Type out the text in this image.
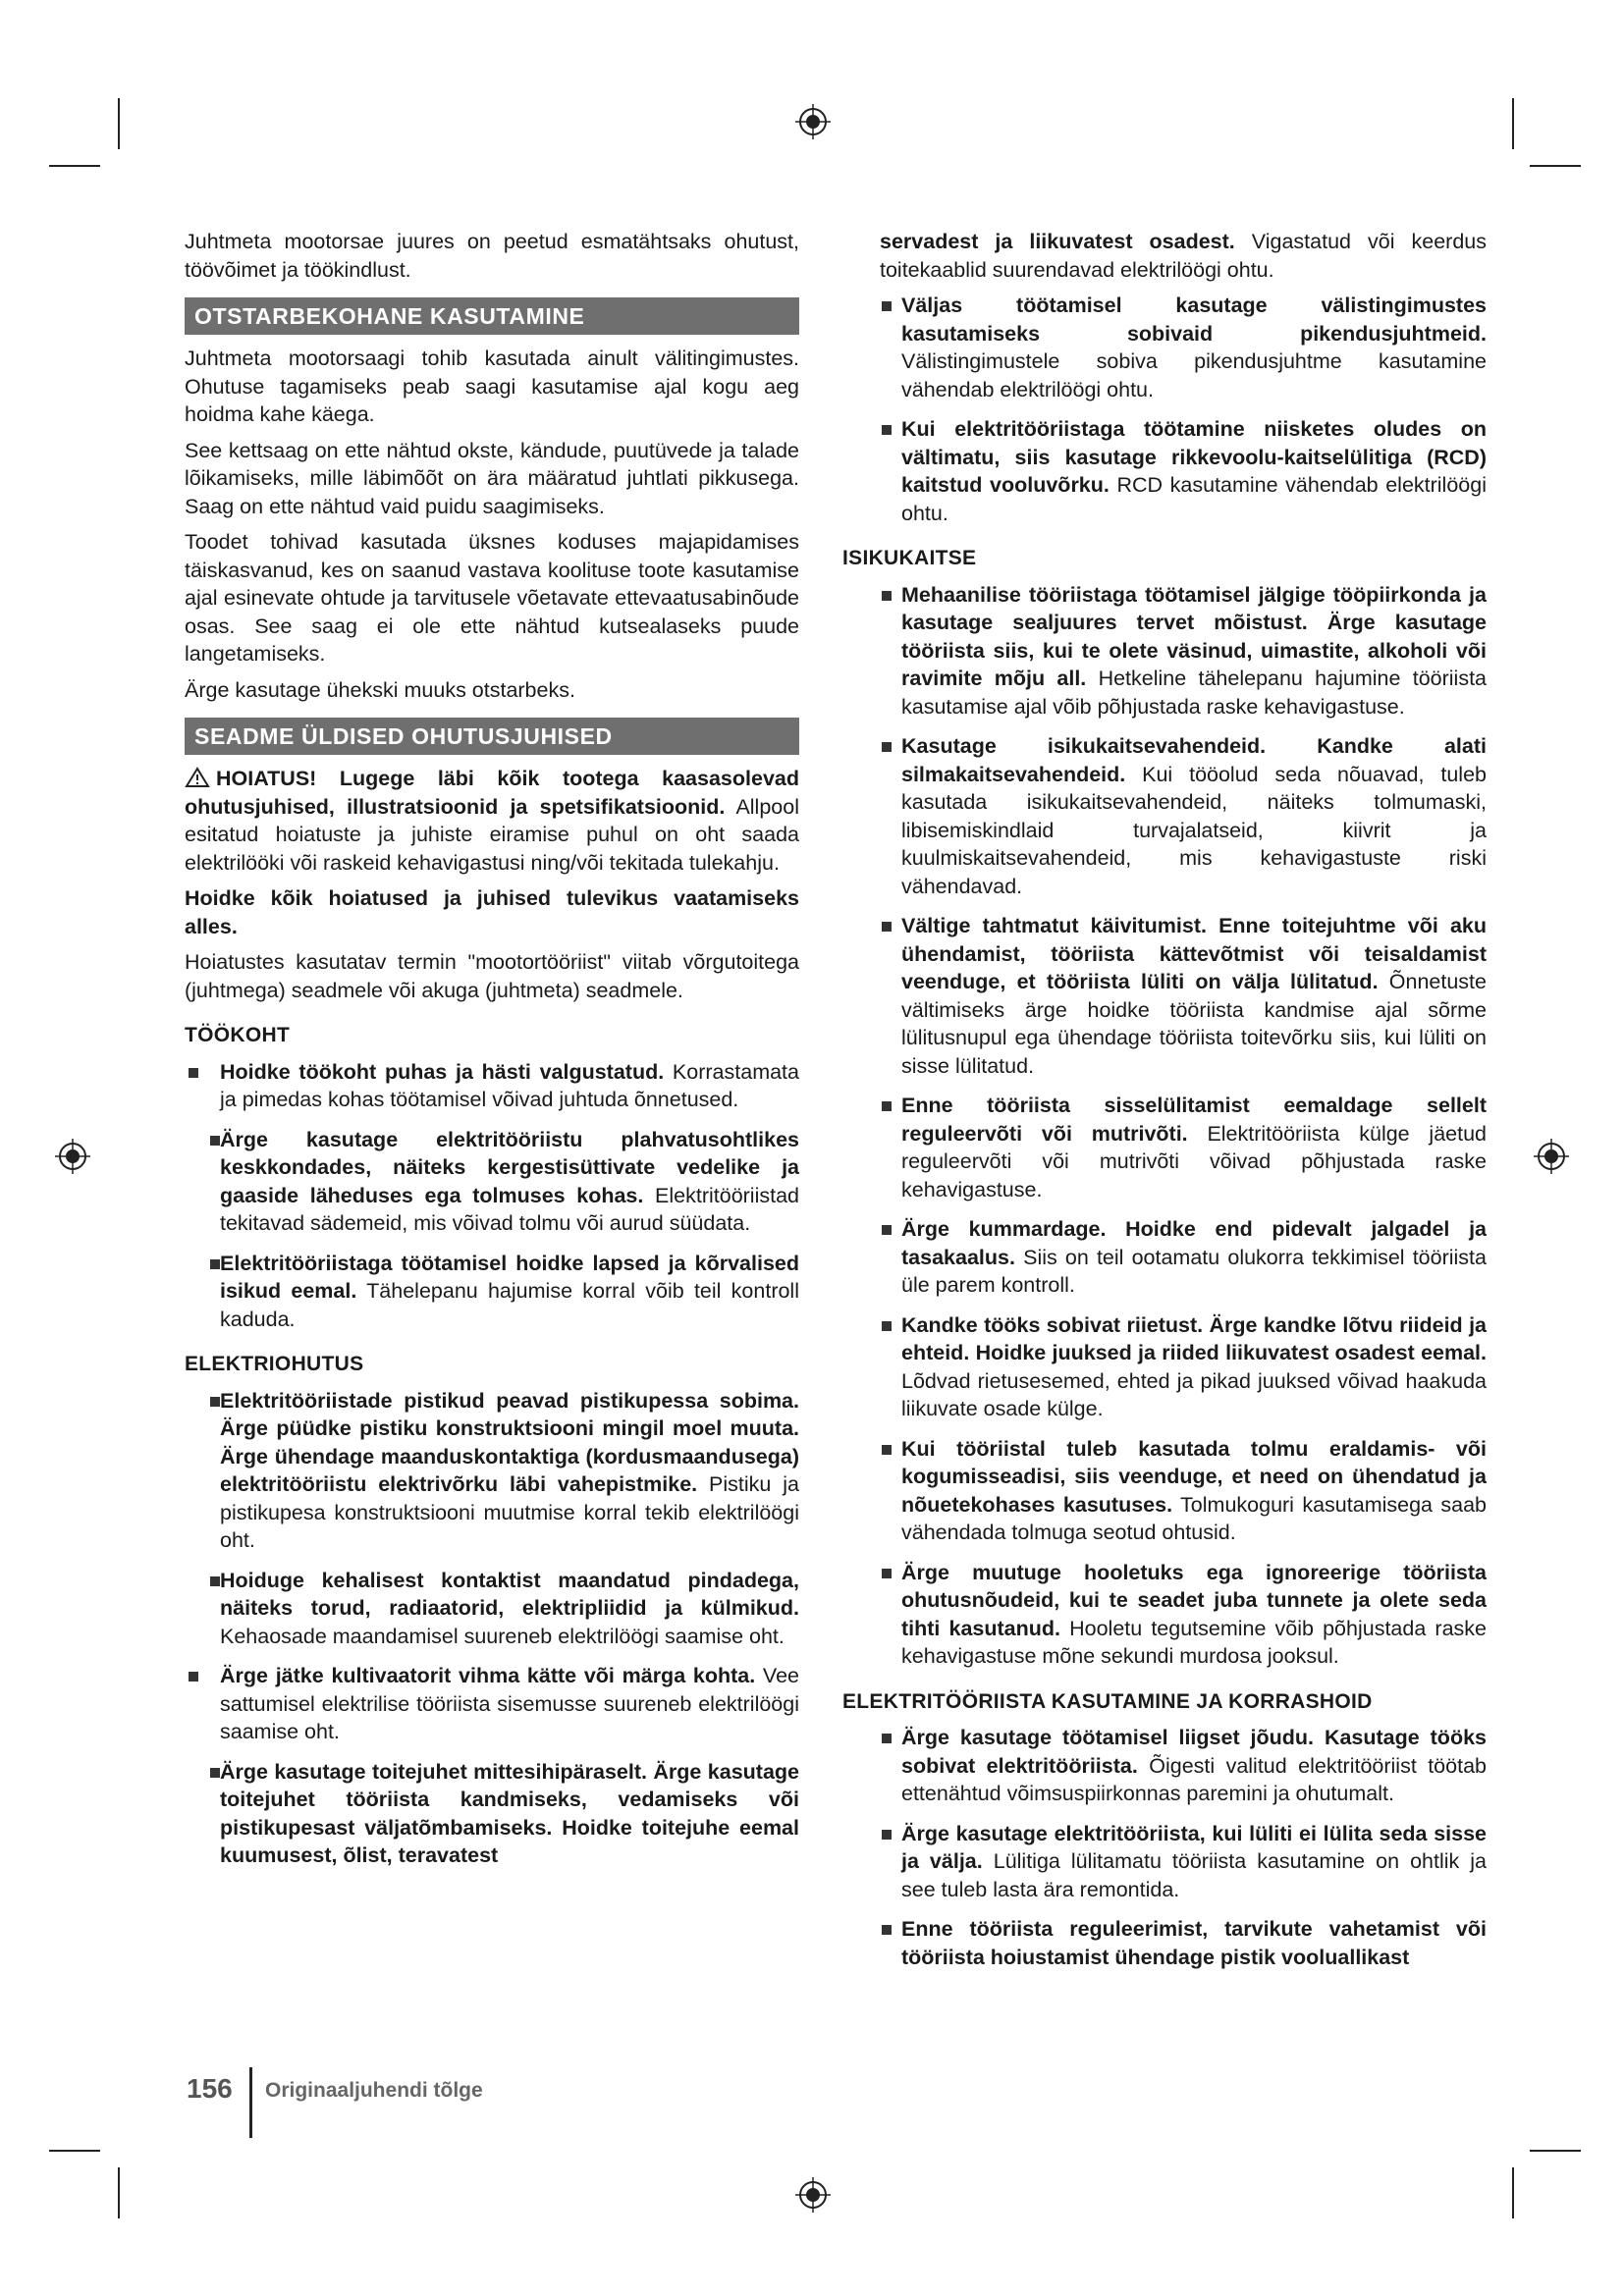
Juhtmeta mootorsae juures on peetud esmatähtsaks ohutust, töövõimet ja töökindlust.

OTSTARBEKOHANE KASUTAMINE

Juhtmeta mootorsaagi tohib kasutada ainult välitingimustes. Ohutuse tagamiseks peab saagi kasutamise ajal kogu aeg hoidma kahe käega.

See kettsaag on ette nähtud okste, kändude, puutüvede ja talade lõikamiseks, mille läbimõõt on ära määratud juhtlati pikkusega. Saag on ette nähtud vaid puidu saagimiseks.

Toodet tohivad kasutada üksnes koduses majapidamises täiskasvanud, kes on saanud vastava koolituse toote kasutamise ajal esinevate ohtude ja tarvitusele võetavate ettevaatusabinõude osas. See saag ei ole ette nähtud kutsealaseks puude langetamiseks.

Ärge kasutage ühekski muuks otstarbeks.

SEADME ÜLDISED OHUTUSJUHISED

HOIATUS! Lugege läbi kõik tootega kaasasolevad ohutusjuhised, illustratsioonid ja spetsifikatsioonid. Allpool esitatud hoiatuste ja juhiste eiramise puhul on oht saada elektrilööki või raskeid kehavigastusi ning/või tekitada tulekahju.

Hoidke kõik hoiatused ja juhised tulevikus vaatamiseks alles.

Hoiatustes kasutatav termin "mootortööriist" viitab võrgutoitega (juhtmega) seadmele või akuga (juhtmeta) seadmele.

TÖÖKOHT
Hoidke töökoht puhas ja hästi valgustatud. Korrastamata ja pimedas kohas töötamisel võivad juhtuda õnnetused.
Ärge kasutage elektritööriistu plahvatusohtlikes keskkondades, näiteks kergestisüttivate vedelike ja gaaside läheduses ega tolmuses kohas. Elektritööriistad tekitavad sädemeid, mis võivad tolmu või aurud süüdata.
Elektritööriistaga töötamisel hoidke lapsed ja kõrvalised isikud eemal. Tähelepanu hajumise korral võib teil kontroll kaduda.
ELEKTRIOHUTUS
Elektritööriistade pistikud peavad pistikupessa sobima. Ärge püüdke pistiku konstruktsiooni mingil moel muuta. Ärge ühendage maanduskontaktiga (kordusmaandusega) elektritööriistu elektrivõrku läbi vahepistmike. Pistiku ja pistikupesa konstruktsiooni muutmise korral tekib elektrilöögi oht.
Hoiduge kehalisest kontaktist maandatud pindadega, näiteks torud, radiaatorid, elektripliidid ja külmikud. Kehaosade maandamisel suureneb elektrilöögi saamise oht.
Ärge jätke kultivaatorit vihma kätte või märga kohta. Vee sattumisel elektrilise tööriista sisemusse suureneb elektrilöögi saamise oht.
Ärge kasutage toitejuhet mittesihipäraselt. Ärge kasutage toitejuhet tööriista kandmiseks, vedamiseks või pistikupesast väljatõmbamiseks. Hoidke toitejuhe eemal kuumusest, õlist, teravatest

servadest ja liikuvatest osadest. Vigastatud või keerdus toitekaablid suurendavad elektrilöögi ohtu.

Väljas töötamisel kasutage välistingimustes kasutamiseks sobivaid pikendusjuhtmeid. Välistingimustele sobiva pikendusjuhtme kasutamine vähendab elektrilöögi ohtu.
Kui elektritööriistaga töötamine niisketes oludes on vältimatu, siis kasutage rikkevoolu-kaitselülitiga (RCD) kaitstud vooluvõrku. RCD kasutamine vähendab elektrilöögi ohtu.
ISIKUKAITSE
Mehaanilise tööriistaga töötamisel jälgige tööpiirkonda ja kasutage sealjuures tervet mõistust. Ärge kasutage tööriista siis, kui te olete väsinud, uimastite, alkoholi või ravimite mõju all. Hetkeline tähelepanu hajumine tööriista kasutamise ajal võib põhjustada raske kehavigastuse.
Kasutage isikukaitsevahendeid. Kandke alati silmakaitsevahendeid. Kui tööolud seda nõuavad, tuleb kasutada isikukaitsevahendeid, näiteks tolmumaski, libisemiskindlaid turvajalatseid, kiivrit ja kuulmiskaitsevahendeid, mis kehavigastuste riski vähendavad.
Vältige tahtmatut käivitumist. Enne toitejuhtme või aku ühendamist, tööriista kättevõtmist või teisaldamist veenduge, et tööriista lüliti on välja lülitatud. Õnnetuste vältimiseks ärge hoidke tööriista kandmise ajal sõrme lülitusnupul ega ühendage tööriista toitevõrku siis, kui lüliti on sisse lülitatud.
Enne tööriista sisselülitamist eemaldage sellelt reguleervõti või mutrivõti. Elektritööriista külge jäetud reguleervõti või mutrivõti võivad põhjustada raske kehavigastuse.
Ärge kummardage. Hoidke end pidevalt jalgadel ja tasakaalus. Siis on teil ootamatu olukorra tekkimisel tööriista üle parem kontroll.
Kandke tööks sobivat riietust. Ärge kandke lõtvu riideid ja ehteid. Hoidke juuksed ja riided liikuvatest osadest eemal. Lõdvad rietusesemed, ehted ja pikad juuksed võivad haakuda liikuvate osade külge.
Kui tööriistal tuleb kasutada tolmu eraldamis- või kogumisseadisi, siis veenduge, et need on ühendatud ja nõuetekohases kasutuses. Tolmukoguri kasutamisega saab vähendada tolmuga seotud ohtusid.
Ärge muutuge hooletuks ega ignoreerige tööriista ohutusnõudeid, kui te seadet juba tunnete ja olete seda tihti kasutanud. Hooletu tegutsemine võib põhjustada raske kehavigastuse mõne sekundi murdosa jooksul.
ELEKTRITÖÖRIISTA KASUTAMINE JA KORRASHOID
Ärge kasutage töötamisel liigset jõudu. Kasutage tööks sobivat elektritööriista. Õigesti valitud elektritööriist töötab ettenähtud võimsuspiirkonnas paremini ja ohutumalt.
Ärge kasutage elektritööriista, kui lüliti ei lülita seda sisse ja välja. Lülitiga lülitamatu tööriista kasutamine on ohtlik ja see tuleb lasta ära remontida.
Enne tööriista reguleerimist, tarvikute vahetamist või tööriista hoiustamist ühendage pistik vooluallikast
156 Originaaljuhendi tõlge
